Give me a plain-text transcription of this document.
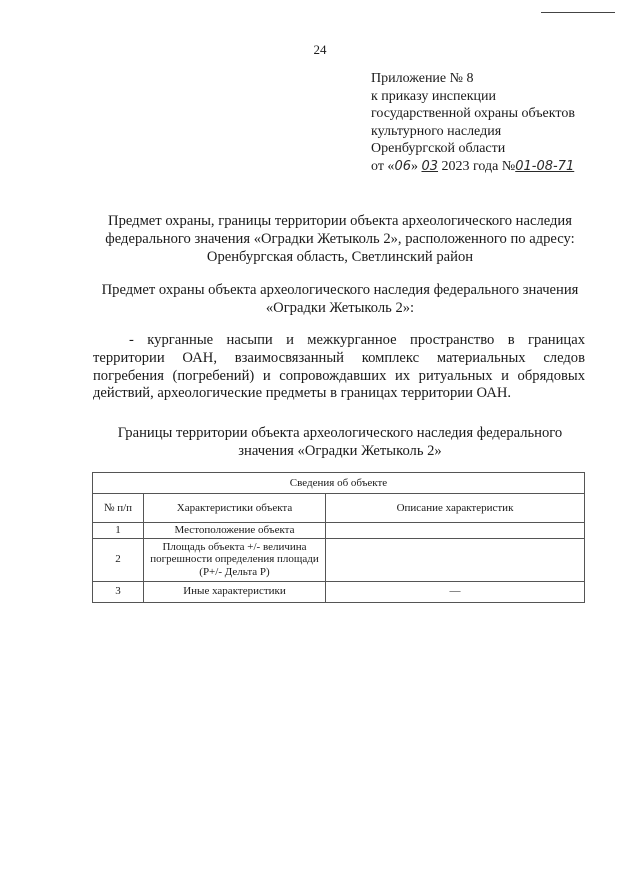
24
Приложение № 8
к приказу инспекции
государственной охраны объектов
культурного наследия
Оренбургской области
от «06» 03 2023 года №01-08-71
Предмет охраны, границы территории объекта археологического наследия
федерального значения «Оградки Жетыколь 2», расположенного по адресу:
Оренбургская область, Светлинский район
Предмет охраны объекта археологического наследия федерального значения
«Оградки Жетыколь 2»:
- курганные насыпи и межкурганное пространство в границах
территории ОАН, взаимосвязанный комплекс материальных следов
погребения (погребений) и сопровождавших их ритуальных и обрядовых
действий, археологические предметы в границах территории ОАН.
Границы территории объекта археологического наследия федерального
значения «Оградки Жетыколь 2»
Сведения об объекте		
№ п/п	Характеристики объекта	Описание характеристик
1	Местоположение объекта	
2	Площадь объекта +/- величина погрешности определения площади (Р+/- Дельта Р)	
3	Иные характеристики	—
